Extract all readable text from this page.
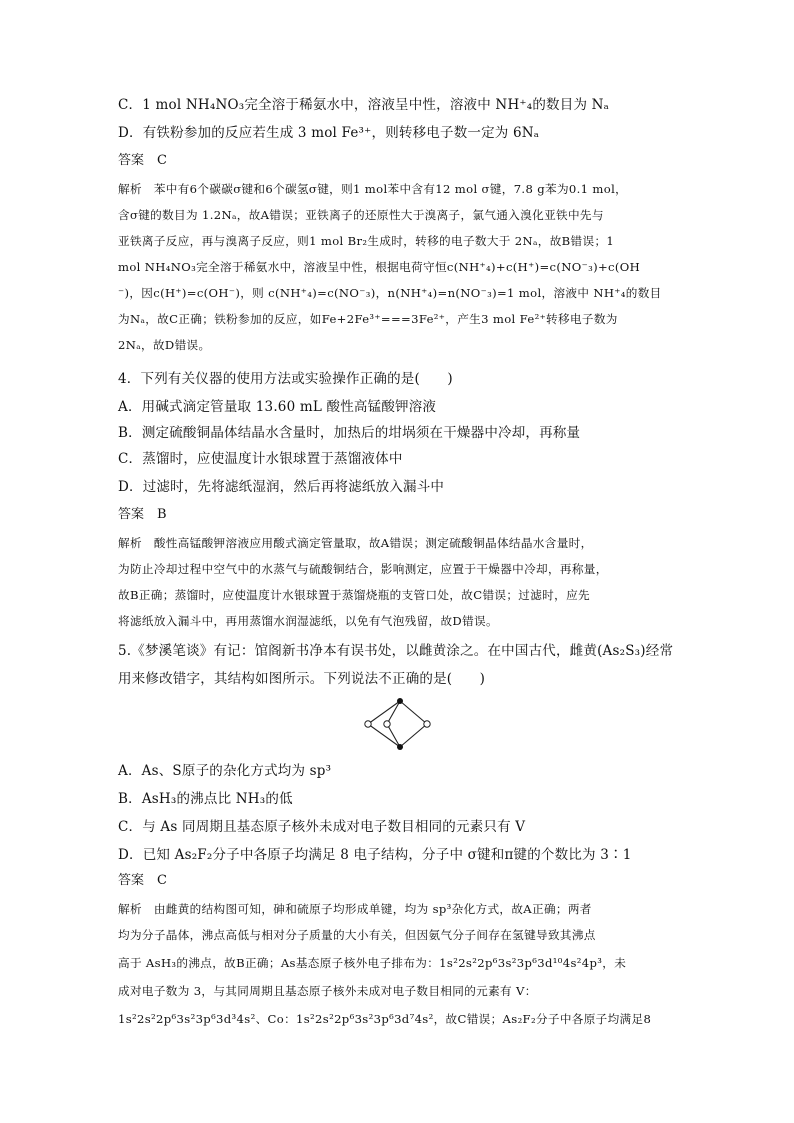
C．1 mol NH₄NO₃完全溶于稀氨水中，溶液呈中性，溶液中 NH⁺₄的数目为 Nₐ
D．有铁粉参加的反应若生成 3 mol Fe³⁺，则转移电子数一定为 6Nₐ
答案　C
解析　苯中有6个碳碳σ键和6个碳氢σ键，则1 mol苯中含有12 mol σ键，7.8 g苯为0.1 mol，
含σ键的数目为 1.2Nₐ，故A错误；亚铁离子的还原性大于溴离子，氯气通入溴化亚铁中先与
亚铁离子反应，再与溴离子反应，则1 mol Br₂生成时，转移的电子数大于 2Nₐ，故B错误；1
mol NH₄NO₃完全溶于稀氨水中，溶液呈中性，根据电荷守恒c(NH⁺₄)+c(H⁺)=c(NO⁻₃)+c(OH
⁻)，因c(H⁺)=c(OH⁻)，则 c(NH⁺₄)=c(NO⁻₃)，n(NH⁺₄)=n(NO⁻₃)=1 mol，溶液中 NH⁺₄的数目
为Nₐ，故C正确；铁粉参加的反应，如Fe+2Fe³⁺===3Fe²⁺，产生3 mol Fe²⁺转移电子数为
2Nₐ，故D错误。
4．下列有关仪器的使用方法或实验操作正确的是(　　)
A．用碱式滴定管量取 13.60 mL 酸性高锰酸钾溶液
B．测定硫酸铜晶体结晶水含量时，加热后的坩埚须在干燥器中冷却，再称量
C．蒸馏时，应使温度计水银球置于蒸馏液体中
D．过滤时，先将滤纸湿润，然后再将滤纸放入漏斗中
答案　B
解析　酸性高锰酸钾溶液应用酸式滴定管量取，故A错误；测定硫酸铜晶体结晶水含量时，
为防止冷却过程中空气中的水蒸气与硫酸铜结合，影响测定，应置于干燥器中冷却，再称量，
故B正确；蒸馏时，应使温度计水银球置于蒸馏烧瓶的支管口处，故C错误；过滤时，应先
将滤纸放入漏斗中，再用蒸馏水润湿滤纸，以免有气泡残留，故D错误。
5.《梦溪笔谈》有记：馆阁新书净本有误书处，以雌黄涂之。在中国古代，雌黄(As₂S₃)经常
用来修改错字，其结构如图所示。下列说法不正确的是(　　)
A．As、S原子的杂化方式均为 sp³
B．AsH₃的沸点比 NH₃的低
C．与 As 同周期且基态原子核外未成对电子数目相同的元素只有 V
D．已知 As₂F₂分子中各原子均满足 8 电子结构，分子中 σ键和π键的个数比为 3∶1
答案　C
解析　由雌黄的结构图可知，砷和硫原子均形成单键，均为 sp³杂化方式，故A正确；两者
均为分子晶体，沸点高低与相对分子质量的大小有关，但因氨气分子间存在氢键导致其沸点
高于 AsH₃的沸点，故B正确；As基态原子核外电子排布为：1s²2s²2p⁶3s²3p⁶3d¹⁰4s²4p³，未
成对电子数为 3，与其同周期且基态原子核外未成对电子数目相同的元素有 V：
1s²2s²2p⁶3s²3p⁶3d³4s²、Co：1s²2s²2p⁶3s²3p⁶3d⁷4s²，故C错误；As₂F₂分子中各原子均满足8
